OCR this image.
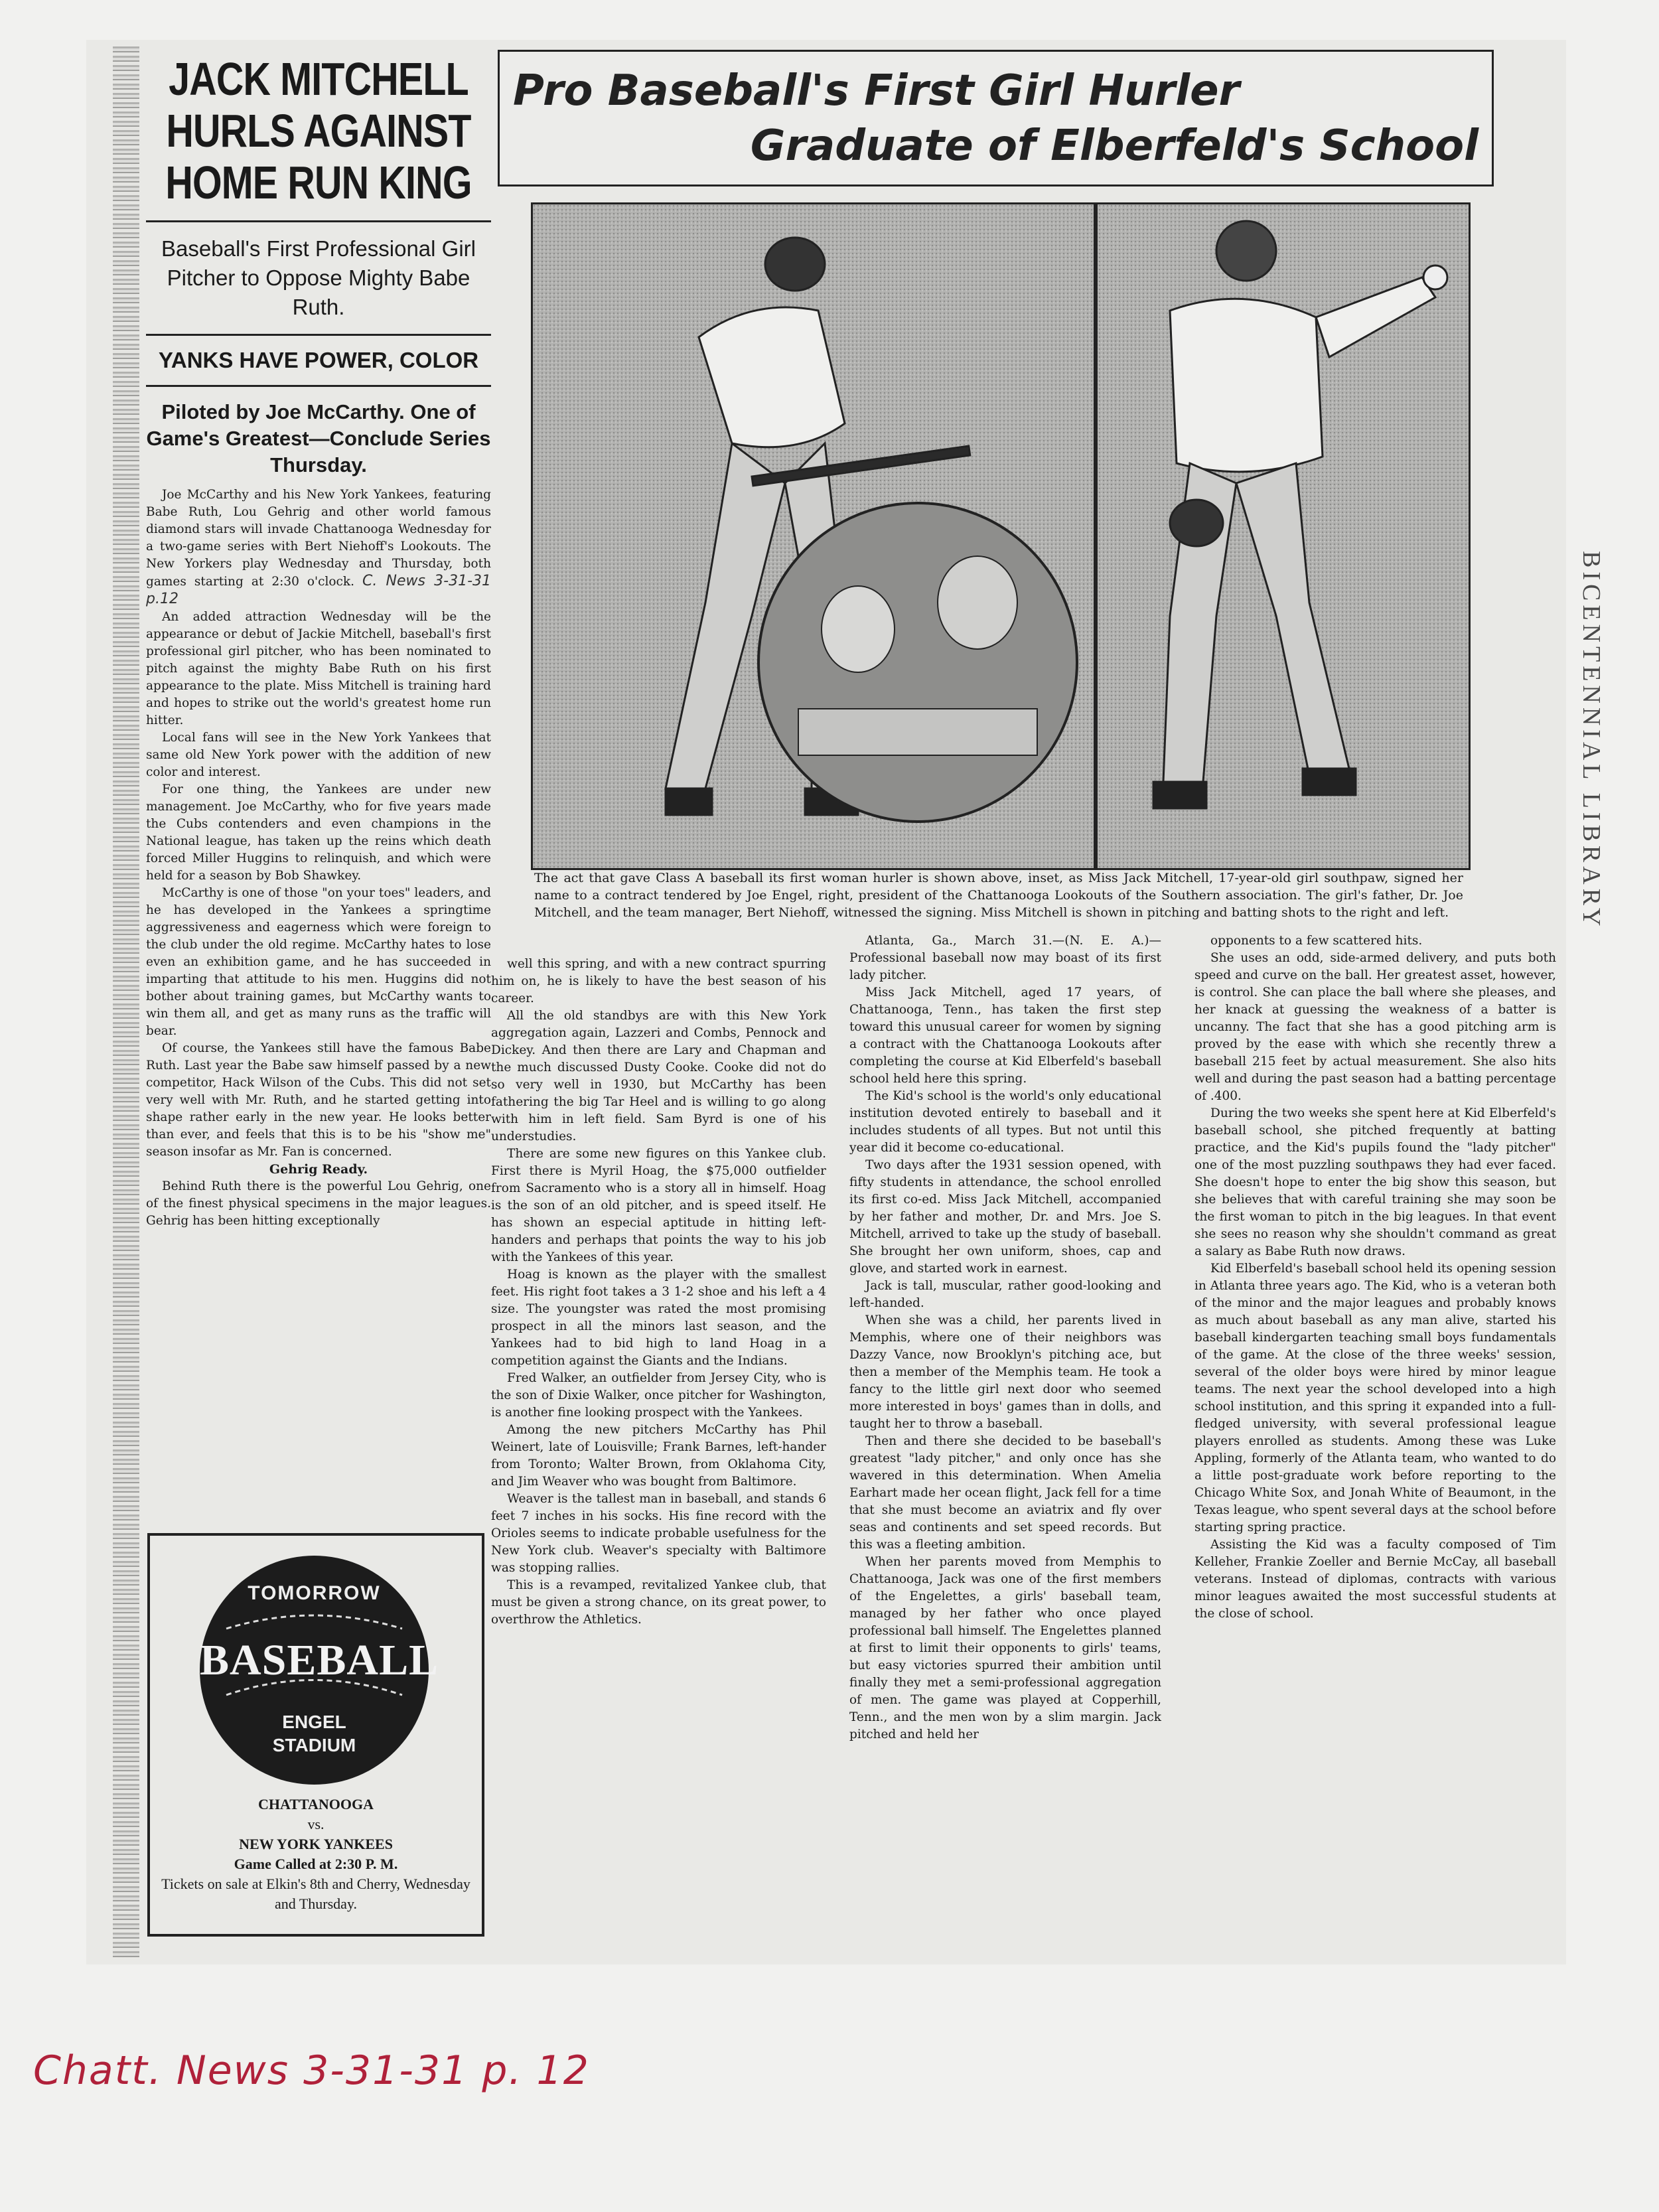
JACK MITCHELL
HURLS AGAINST
HOME RUN KING
Baseball's First Professional Girl Pitcher to Oppose Mighty Babe Ruth.
YANKS HAVE POWER, COLOR
Piloted by Joe McCarthy. One of Game's Greatest—Conclude Series Thursday.

Joe McCarthy and his New York Yankees, featuring Babe Ruth, Lou Gehrig and other world famous diamond stars will invade Chattanooga Wednesday for a two-game series with Bert Niehoff's Lookouts. The New Yorkers play Wednesday and Thursday, both games starting at 2:30 o'clock. C. News 3-31-31 p.12

An added attraction Wednesday will be the appearance or debut of Jackie Mitchell, baseball's first professional girl pitcher, who has been nominated to pitch against the mighty Babe Ruth on his first appearance to the plate. Miss Mitchell is training hard and hopes to strike out the world's greatest home run hitter.

Local fans will see in the New York Yankees that same old New York power with the addition of new color and interest.

For one thing, the Yankees are under new management. Joe McCarthy, who for five years made the Cubs contenders and even champions in the National league, has taken up the reins which death forced Miller Huggins to relinquish, and which were held for a season by Bob Shawkey.

McCarthy is one of those "on your toes" leaders, and he has developed in the Yankees a springtime aggressiveness and eagerness which were foreign to the club under the old regime. McCarthy hates to lose even an exhibition game, and he has succeeded in imparting that attitude to his men. Huggins did not bother about training games, but McCarthy wants to win them all, and get as many runs as the traffic will bear.

Of course, the Yankees still have the famous Babe Ruth. Last year the Babe saw himself passed by a new competitor, Hack Wilson of the Cubs. This did not set very well with Mr. Ruth, and he started getting into shape rather early in the new year. He looks better than ever, and feels that this is to be his "show me" season insofar as Mr. Fan is concerned.

Gehrig Ready.

Behind Ruth there is the powerful Lou Gehrig, one of the finest physical specimens in the major leagues. Gehrig has been hitting exceptionally

TOMORROW
BASEBALL
ENGEL
STADIUM
CHATTANOOGA
vs.
NEW YORK YANKEES
Game Called at 2:30 P. M.
Tickets on sale at Elkin's 8th and Cherry, Wednesday and Thursday.
Pro Baseball's First Girl Hurler
Graduate of Elberfeld's School

The act that gave Class A baseball its first woman hurler is shown above, inset, as Miss Jack Mitchell, 17-year-old girl southpaw, signed her name to a contract tendered by Joe Engel, right, president of the Chattanooga Lookouts of the Southern association. The girl's father, Dr. Joe Mitchell, and the team manager, Bert Niehoff, witnessed the signing. Miss Mitchell is shown in pitching and batting shots to the right and left.

well this spring, and with a new contract spurring him on, he is likely to have the best season of his career.

All the old standbys are with this New York aggregation again, Lazzeri and Combs, Pennock and Dickey. And then there are Lary and Chapman and the much discussed Dusty Cooke. Cooke did not do so very well in 1930, but McCarthy has been fathering the big Tar Heel and is willing to go along with him in left field. Sam Byrd is one of his understudies.

There are some new figures on this Yankee club. First there is Myril Hoag, the $75,000 outfielder from Sacramento who is a story all in himself. Hoag is the son of an old pitcher, and is speed itself. He has shown an especial aptitude in hitting left-handers and perhaps that points the way to his job with the Yankees of this year.

Hoag is known as the player with the smallest feet. His right foot takes a 3 1-2 shoe and his left a 4 size. The youngster was rated the most promising prospect in all the minors last season, and the Yankees had to bid high to land Hoag in a competition against the Giants and the Indians.

Fred Walker, an outfielder from Jersey City, who is the son of Dixie Walker, once pitcher for Washington, is another fine looking prospect with the Yankees.

Among the new pitchers McCarthy has Phil Weinert, late of Louisville; Frank Barnes, left-hander from Toronto; Walter Brown, from Oklahoma City, and Jim Weaver who was bought from Baltimore.

Weaver is the tallest man in baseball, and stands 6 feet 7 inches in his socks. His fine record with the Orioles seems to indicate probable usefulness for the New York club. Weaver's specialty with Baltimore was stopping rallies.

This is a revamped, revitalized Yankee club, that must be given a strong chance, on its great power, to overthrow the Athletics.

Atlanta, Ga., March 31.—(N. E. A.)—Professional baseball now may boast of its first lady pitcher.

Miss Jack Mitchell, aged 17 years, of Chattanooga, Tenn., has taken the first step toward this unusual career for women by signing a contract with the Chattanooga Lookouts after completing the course at Kid Elberfeld's baseball school held here this spring.

The Kid's school is the world's only educational institution devoted entirely to baseball and it includes students of all types. But not until this year did it become co-educational.

Two days after the 1931 session opened, with fifty students in attendance, the school enrolled its first co-ed. Miss Jack Mitchell, accompanied by her father and mother, Dr. and Mrs. Joe S. Mitchell, arrived to take up the study of baseball. She brought her own uniform, shoes, cap and glove, and started work in earnest.

Jack is tall, muscular, rather good-looking and left-handed.

When she was a child, her parents lived in Memphis, where one of their neighbors was Dazzy Vance, now Brooklyn's pitching ace, but then a member of the Memphis team. He took a fancy to the little girl next door who seemed more interested in boys' games than in dolls, and taught her to throw a baseball.

Then and there she decided to be baseball's greatest "lady pitcher," and only once has she wavered in this determination. When Amelia Earhart made her ocean flight, Jack fell for a time that she must become an aviatrix and fly over seas and continents and set speed records. But this was a fleeting ambition.

When her parents moved from Memphis to Chattanooga, Jack was one of the first members of the Engelettes, a girls' baseball team, managed by her father who once played professional ball himself. The Engelettes planned at first to limit their opponents to girls' teams, but easy victories spurred their ambition until finally they met a semi-professional aggregation of men. The game was played at Copperhill, Tenn., and the men won by a slim margin. Jack pitched and held her

opponents to a few scattered hits.

She uses an odd, side-armed delivery, and puts both speed and curve on the ball. Her greatest asset, however, is control. She can place the ball where she pleases, and her knack at guessing the weakness of a batter is uncanny. The fact that she has a good pitching arm is proved by the ease with which she recently threw a baseball 215 feet by actual measurement. She also hits well and during the past season had a batting percentage of .400.

During the two weeks she spent here at Kid Elberfeld's baseball school, she pitched frequently at batting practice, and the Kid's pupils found the "lady pitcher" one of the most puzzling southpaws they had ever faced. She doesn't hope to enter the big show this season, but she believes that with careful training she may soon be the first woman to pitch in the big leagues. In that event she sees no reason why she shouldn't command as great a salary as Babe Ruth now draws.

Kid Elberfeld's baseball school held its opening session in Atlanta three years ago. The Kid, who is a veteran both of the minor and the major leagues and probably knows as much about baseball as any man alive, started his baseball kindergarten teaching small boys fundamentals of the game. At the close of the three weeks' session, several of the older boys were hired by minor league teams. The next year the school developed into a high school institution, and this spring it expanded into a full-fledged university, with several professional league players enrolled as students. Among these was Luke Appling, formerly of the Atlanta team, who wanted to do a little post-graduate work before reporting to the Chicago White Sox, and Jonah White of Beaumont, in the Texas league, who spent several days at the school before starting spring practice.

Assisting the Kid was a faculty composed of Tim Kelleher, Frankie Zoeller and Bernie McCay, all baseball veterans. Instead of diplomas, contracts with various minor leagues awaited the most successful students at the close of school.

BICENTENNIAL LIBRARY
Chatt. News 3-31-31 p. 12
